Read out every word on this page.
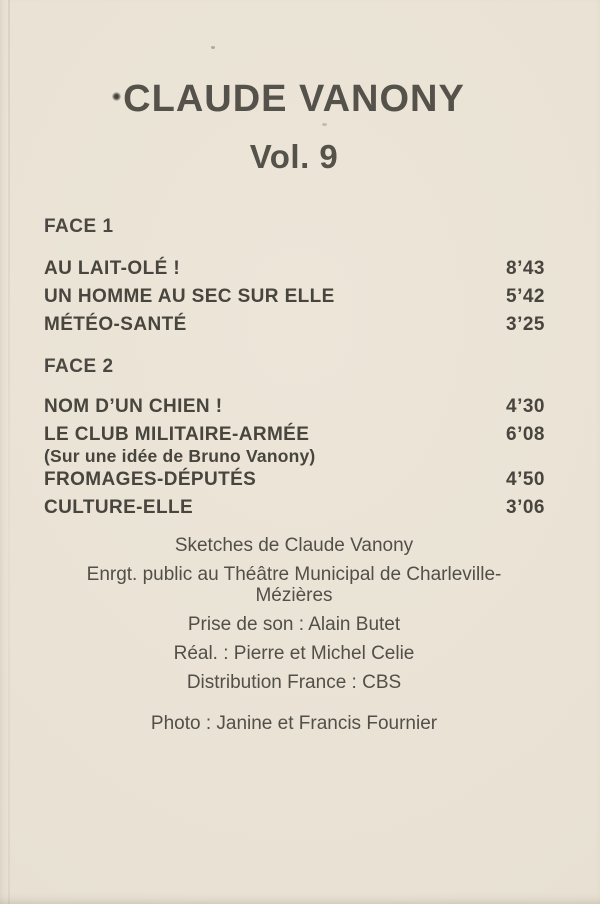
CLAUDE VANONY
Vol. 9
FACE 1
AU LAIT-OLÉ !	8’43
UN HOMME AU SEC SUR ELLE	5’42
MÉTÉO-SANTÉ	3’25
FACE 2
NOM D’UN CHIEN !	4’30
LE CLUB MILITAIRE-ARMÉE	6’08
(Sur une idée de Bruno Vanony)
FROMAGES-DÉPUTÉS	4’50
CULTURE-ELLE	3’06

Sketches de Claude Vanony

Enrgt. public au Théâtre Municipal de Charleville-Mézières

Prise de son : Alain Butet

Réal. : Pierre et Michel Celie

Distribution France : CBS

Photo : Janine et Francis Fournier
